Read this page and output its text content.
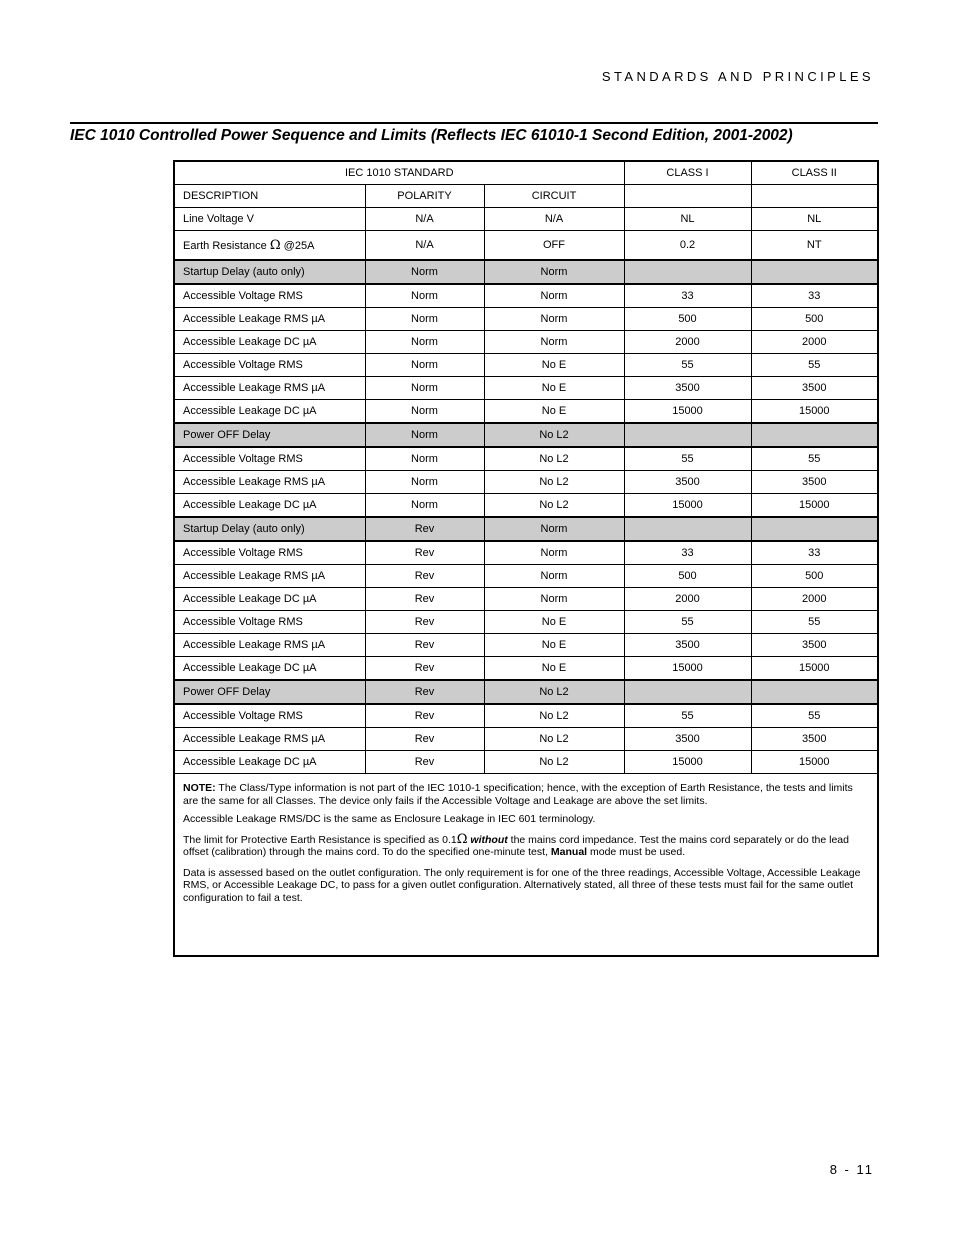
STANDARDS AND PRINCIPLES
IEC 1010 Controlled Power Sequence and Limits (Reflects IEC 61010-1 Second Edition, 2001-2002)
IEC 1010 STANDARD			CLASS I	CLASS II
DESCRIPTION	POLARITY	CIRCUIT		
Line Voltage V	N/A	N/A	NL	NL
Earth Resistance Ω @25A	N/A	OFF	0.2	NT
Startup Delay (auto only)	Norm	Norm		
Accessible Voltage RMS	Norm	Norm	33	33
Accessible Leakage RMS µA	Norm	Norm	500	500
Accessible Leakage DC µA	Norm	Norm	2000	2000
Accessible Voltage RMS	Norm	No E	55	55
Accessible Leakage RMS µA	Norm	No E	3500	3500
Accessible Leakage DC µA	Norm	No E	15000	15000
Power OFF Delay	Norm	No L2		
Accessible Voltage RMS	Norm	No L2	55	55
Accessible Leakage RMS µA	Norm	No L2	3500	3500
Accessible Leakage DC µA	Norm	No L2	15000	15000
Startup Delay (auto only)	Rev	Norm		
Accessible Voltage RMS	Rev	Norm	33	33
Accessible Leakage RMS µA	Rev	Norm	500	500
Accessible Leakage DC µA	Rev	Norm	2000	2000
Accessible Voltage RMS	Rev	No E	55	55
Accessible Leakage RMS µA	Rev	No E	3500	3500
Accessible Leakage DC µA	Rev	No E	15000	15000
Power OFF Delay	Rev	No L2		
Accessible Voltage RMS	Rev	No L2	55	55
Accessible Leakage RMS µA	Rev	No L2	3500	3500
Accessible Leakage DC µA	Rev	No L2	15000	15000

NOTE: The Class/Type information is not part of the IEC 1010-1 specification; hence, with the exception of Earth Resistance, the tests and limits are the same for all Classes. The device only fails if the Accessible Voltage and Leakage are above the set limits.

Accessible Leakage RMS/DC is the same as Enclosure Leakage in IEC 601 terminology.

The limit for Protective Earth Resistance is specified as 0.1Ω without the mains cord impedance. Test the mains cord separately or do the lead offset (calibration) through the mains cord. To do the specified one-minute test, Manual mode must be used.

Data is assessed based on the outlet configuration. The only requirement is for one of the three readings, Accessible Voltage, Accessible Leakage RMS, or Accessible Leakage DC, to pass for a given outlet configuration. Alternatively stated, all three of these tests must fail for the same outlet configuration to fail a test.

8 - 11
